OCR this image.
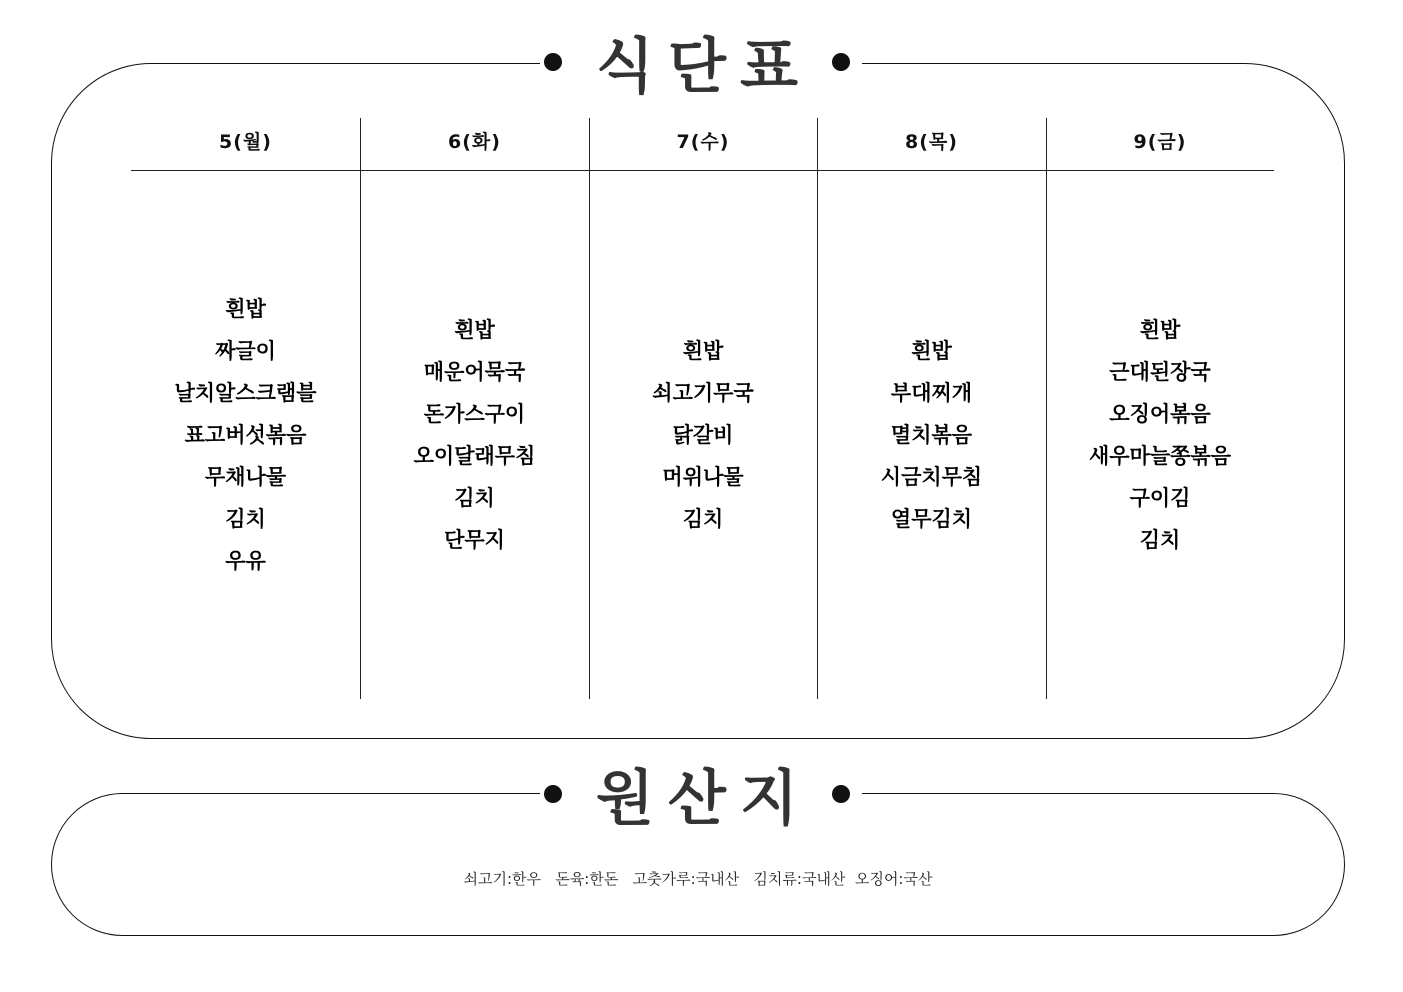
식단표
5(월)
흰밥
짜글이
날치알스크램블
표고버섯볶음
무채나물
김치
우유
6(화)
흰밥
매운어묵국
돈가스구이
오이달래무침
김치
단무지
7(수)
흰밥
쇠고기무국
닭갈비
머위나물
김치
8(목)
흰밥
부대찌개
멸치볶음
시금치무침
열무김치
9(금)
흰밥
근대된장국
오징어볶음
새우마늘쫑볶음
구이김
김치
원산지
쇠고기:한우   돈육:한돈   고춧가루:국내산   김치류:국내산  오징어:국산
